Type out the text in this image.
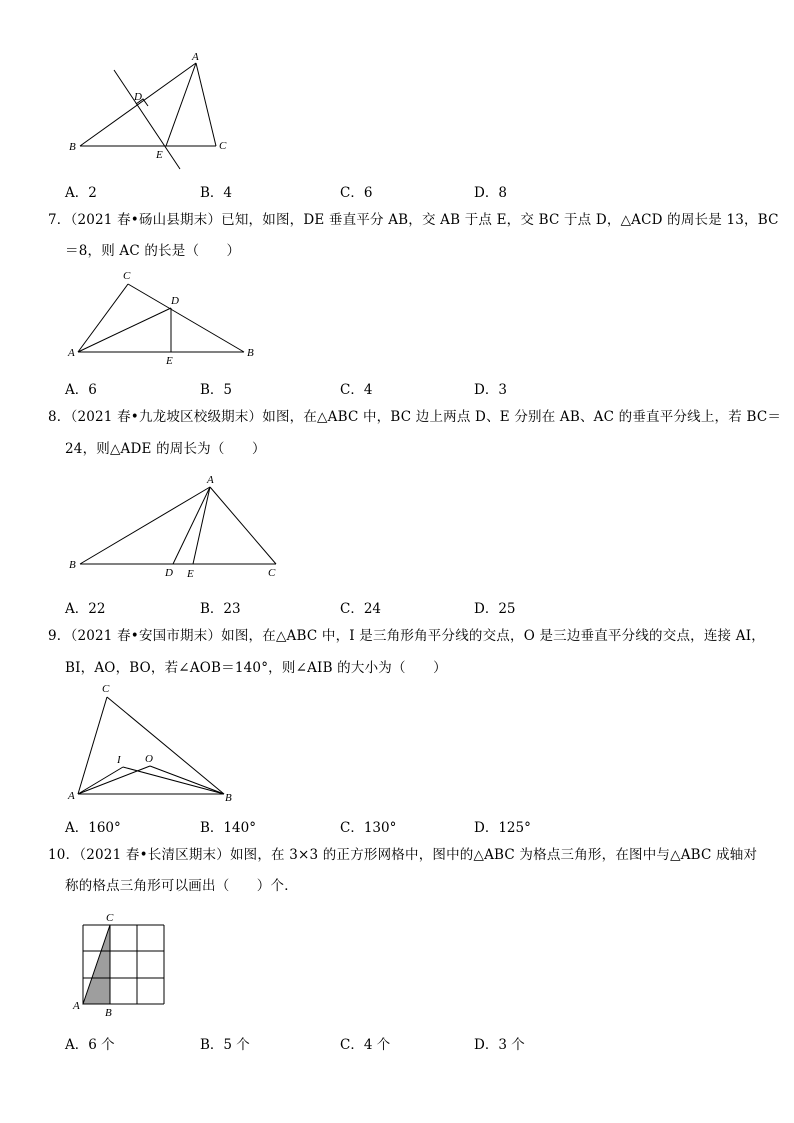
A
B	C
D
E
A．2	B．4	C．6	D．8
7．（2021 春•砀山县期末）已知，如图，DE 垂直平分 AB，交 AB 于点 E，交 BC 于点 D，△ACD 的周长是 13，BC
＝8，则 AC 的长是（　　）
A	B
C
D
E
A．6	B．5	C．4	D．3
8．（2021 春•九龙坡区校级期末）如图，在△ABC 中，BC 边上两点 D、E 分别在 AB、AC 的垂直平分线上，若 BC＝
24，则△ADE 的周长为（　　）
A
B
C
D E
A．22	B．23	C．24	D．25
9．（2021 春•安国市期末）如图，在△ABC 中，I 是三角形角平分线的交点，O 是三边垂直平分线的交点，连接 AI，
BI，AO，BO，若∠AOB＝140°，则∠AIB 的大小为（　　）
A	B
C
I O
A．160°	B．140°	C．130°	D．125°
10．（2021 春•长清区期末）如图，在 3×3 的正方形网格中，图中的△ABC 为格点三角形，在图中与△ABC 成轴对
称的格点三角形可以画出（　　）个．
A
B
C
A．6 个	B．5 个	C．4 个	D．3 个
